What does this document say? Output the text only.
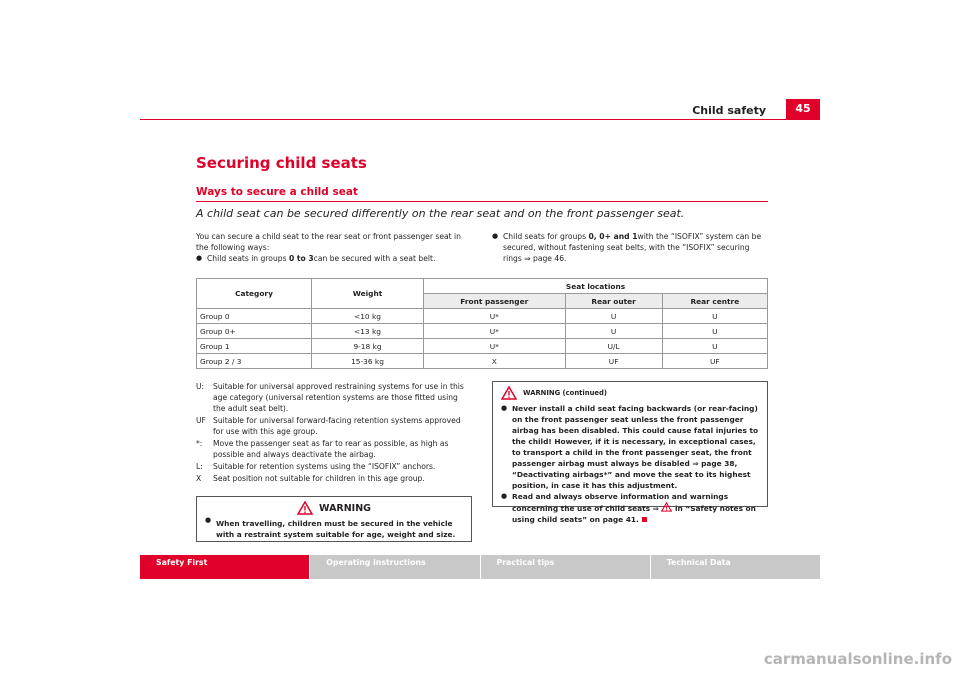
Child safety	45
Securing child seats
Ways to secure a child seat
A child seat can be secured differently on the rear seat and on the front passenger seat.

You can secure a child seat to the rear seat or front passenger seat in the following ways:

● Child seats in groups 0 to 3can be secured with a seat belt.

● Child seats for groups 0, 0+ and 1with the “ISOFIX” system can be secured, without fastening seat belts, with the “ISOFIX” securing rings ⇒ page 46.

Category	Weight	Seat locations		
		Front passenger	Rear outer	Rear centre
Group 0	<10 kg	U*	U	U
Group 0+	<13 kg	U*	U	U
Group 1	9-18 kg	U*	U/L	U
Group 2 / 3	15-36 kg	X	UF	UF
U:	Suitable for universal approved restraining systems for use in this age category (universal retention systems are those fitted using the adult seat belt).
UF Suitable for universal forward-facing retention systems approved for use with this age group.
*:	Move the passenger seat as far to rear as possible, as high as possible and always deactivate the airbag.
L:	Suitable for retention systems using the “ISOFIX” anchors.
X	Seat position not suitable for children in this age group.
WARNING

● When travelling, children must be secured in the vehicle with a restraint system suitable for age, weight and size.

WARNING (continued)

● Never install a child seat facing backwards (or rear-facing) on the front passenger seat unless the front passenger airbag has been disabled. This could cause fatal injuries to the child! However, if it is necessary, in exceptional cases, to transport a child in the front passenger seat, the front passenger airbag must always be disabled ⇒ page 38, “Deactivating airbags*” and move the seat to its highest position, in case it has this adjustment.

● Read and always observe information and warnings concerning the use of child seats ⇒  in “Safety notes on using child seats” on page 41.

Safety First	Operating instructions	Practical tips	Technical Data
carmanualsonline.info
